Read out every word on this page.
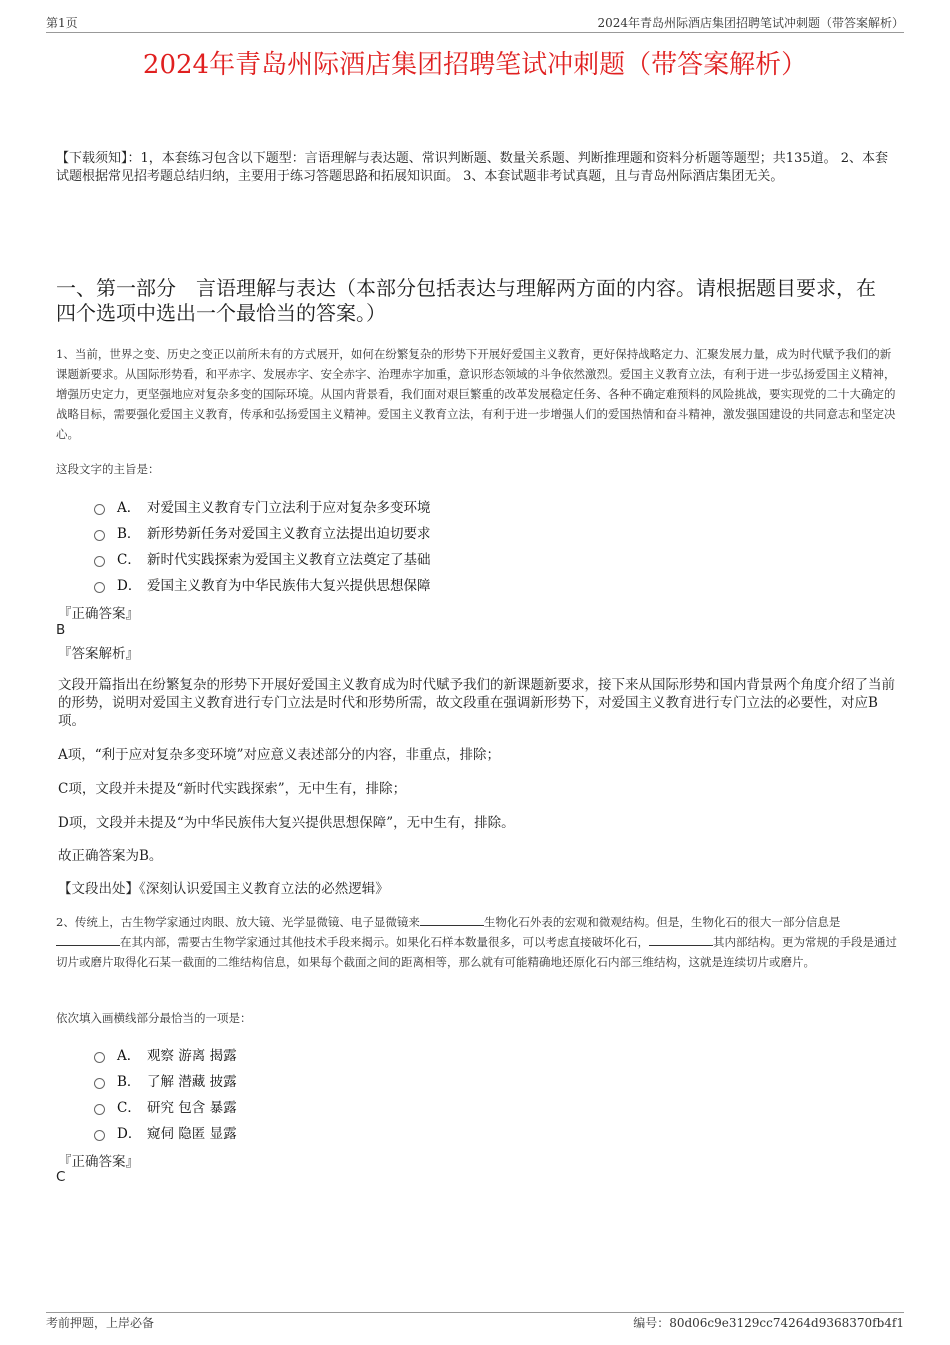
第1页	2024年青岛州际酒店集团招聘笔试冲刺题（带答案解析）
2024年青岛州际酒店集团招聘笔试冲刺题（带答案解析）
【下载须知】：1，本套练习包含以下题型：言语理解与表达题、常识判断题、数量关系题、判断推理题和资料分析题等题型；共135道。 2、本套试题根据常见招考题总结归纳，主要用于练习答题思路和拓展知识面。 3、本套试题非考试真题，且与青岛州际酒店集团无关。
一、第一部分　言语理解与表达（本部分包括表达与理解两方面的内容。请根据题目要求，在四个选项中选出一个最恰当的答案。）
1、当前，世界之变、历史之变正以前所未有的方式展开，如何在纷繁复杂的形势下开展好爱国主义教育，更好保持战略定力、汇聚发展力量，成为时代赋予我们的新课题新要求。从国际形势看，和平赤字、发展赤字、安全赤字、治理赤字加重，意识形态领域的斗争依然激烈。爱国主义教育立法，有利于进一步弘扬爱国主义精神，增强历史定力，更坚强地应对复杂多变的国际环境。从国内背景看，我们面对艰巨繁重的改革发展稳定任务、各种不确定难预料的风险挑战，要实现党的二十大确定的战略目标，需要强化爱国主义教育，传承和弘扬爱国主义精神。爱国主义教育立法，有利于进一步增强人们的爱国热情和奋斗精神，激发强国建设的共同意志和坚定决心。
这段文字的主旨是：
A． 对爱国主义教育专门立法利于应对复杂多变环境
B． 新形势新任务对爱国主义教育立法提出迫切要求
C． 新时代实践探索为爱国主义教育立法奠定了基础
D． 爱国主义教育为中华民族伟大复兴提供思想保障
『正确答案』
B
『答案解析』
文段开篇指出在纷繁复杂的形势下开展好爱国主义教育成为时代赋予我们的新课题新要求，接下来从国际形势和国内背景两个角度介绍了当前的形势，说明对爱国主义教育进行专门立法是时代和形势所需，故文段重在强调新形势下，对爱国主义教育进行专门立法的必要性，对应B项。
A项，“利于应对复杂多变环境”对应意义表述部分的内容，非重点，排除；
C项，文段并未提及“新时代实践探索”，无中生有，排除；
D项，文段并未提及“为中华民族伟大复兴提供思想保障”，无中生有，排除。
故正确答案为B。
【文段出处】《深刻认识爱国主义教育立法的必然逻辑》
2、传统上，古生物学家通过肉眼、放大镜、光学显微镜、电子显微镜来	生物化石外表的宏观和微观结构。但是，生物化石的很大一部分信息是在其内部，需要古生物学家通过其他技术手段来揭示。如果化石样本数量很多，可以考虑直接破坏化石，	其内部结构。更为常规的手段是通过切片或磨片取得化石某一截面的二维结构信息，如果每个截面之间的距离相等，那么就有可能精确地还原化石内部三维结构，这就是连续切片或磨片。
依次填入画横线部分最恰当的一项是：
A． 观察 游离 揭露
B． 了解 潜藏 披露
C． 研究 包含 暴露
D． 窥伺 隐匿 显露
『正确答案』
C
考前押题，上岸必备	编号：80d06c9e3129cc74264d9368370fb4f1
